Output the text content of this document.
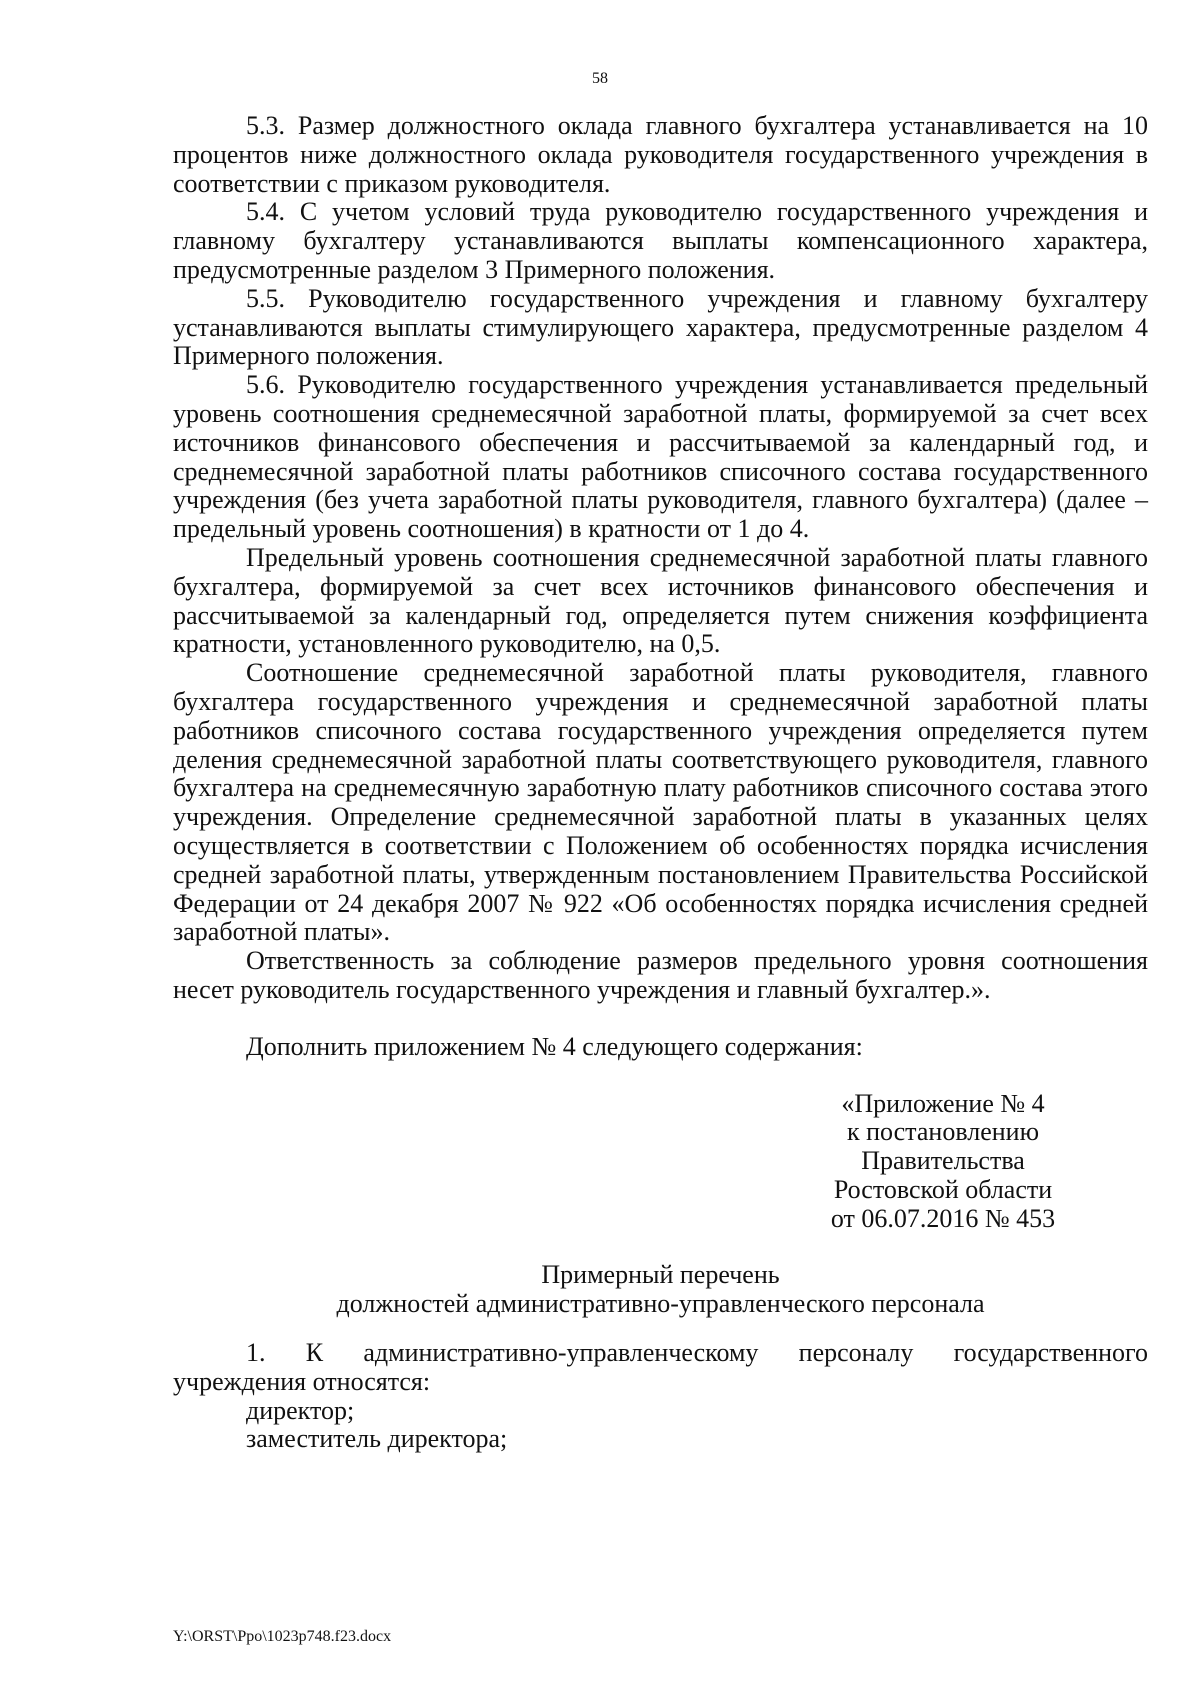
58

5.3. Размер должностного оклада главного бухгалтера устанавливается на 10 процентов ниже должностного оклада руководителя государственного учреждения в соответствии с приказом руководителя.

5.4. С учетом условий труда руководителю государственного учреждения и главному бухгалтеру устанавливаются выплаты компенсационного характера, предусмотренные разделом 3 Примерного положения.

5.5. Руководителю государственного учреждения и главному бухгалтеру устанавливаются выплаты стимулирующего характера, предусмотренные разделом 4 Примерного положения.

5.6. Руководителю государственного учреждения устанавливается предельный уровень соотношения среднемесячной заработной платы, формируемой за счет всех источников финансового обеспечения и рассчитываемой за календарный год, и среднемесячной заработной платы работников списочного состава государственного учреждения (без учета заработной платы руководителя, главного бухгалтера) (далее – предельный уровень соотношения) в кратности от 1 до 4.

Предельный уровень соотношения среднемесячной заработной платы главного бухгалтера, формируемой за счет всех источников финансового обеспечения и рассчитываемой за календарный год, определяется путем снижения коэффициента кратности, установленного руководителю, на 0,5.

Соотношение среднемесячной заработной платы руководителя, главного бухгалтера государственного учреждения и среднемесячной заработной платы работников списочного состава государственного учреждения определяется путем деления среднемесячной заработной платы соответствующего руководителя, главного бухгалтера на среднемесячную заработную плату работников списочного состава этого учреждения. Определение среднемесячной заработной платы в указанных целях осуществляется в соответствии с Положением об особенностях порядка исчисления средней заработной платы, утвержденным постановлением Правительства Российской Федерации от 24 декабря 2007 № 922 «Об особенностях порядка исчисления средней заработной платы».

Ответственность за соблюдение размеров предельного уровня соотношения несет руководитель государственного учреждения и главный бухгалтер.».

Дополнить приложением № 4 следующего содержания:

«Приложение № 4
к постановлению
Правительства
Ростовской области
от 06.07.2016 № 453
Примерный перечень
должностей административно-управленческого персонала

1. К административно-управленческому персоналу государственного учреждения относятся:

директор;

заместитель директора;

Y:\ORST\Ppo\1023p748.f23.docx
